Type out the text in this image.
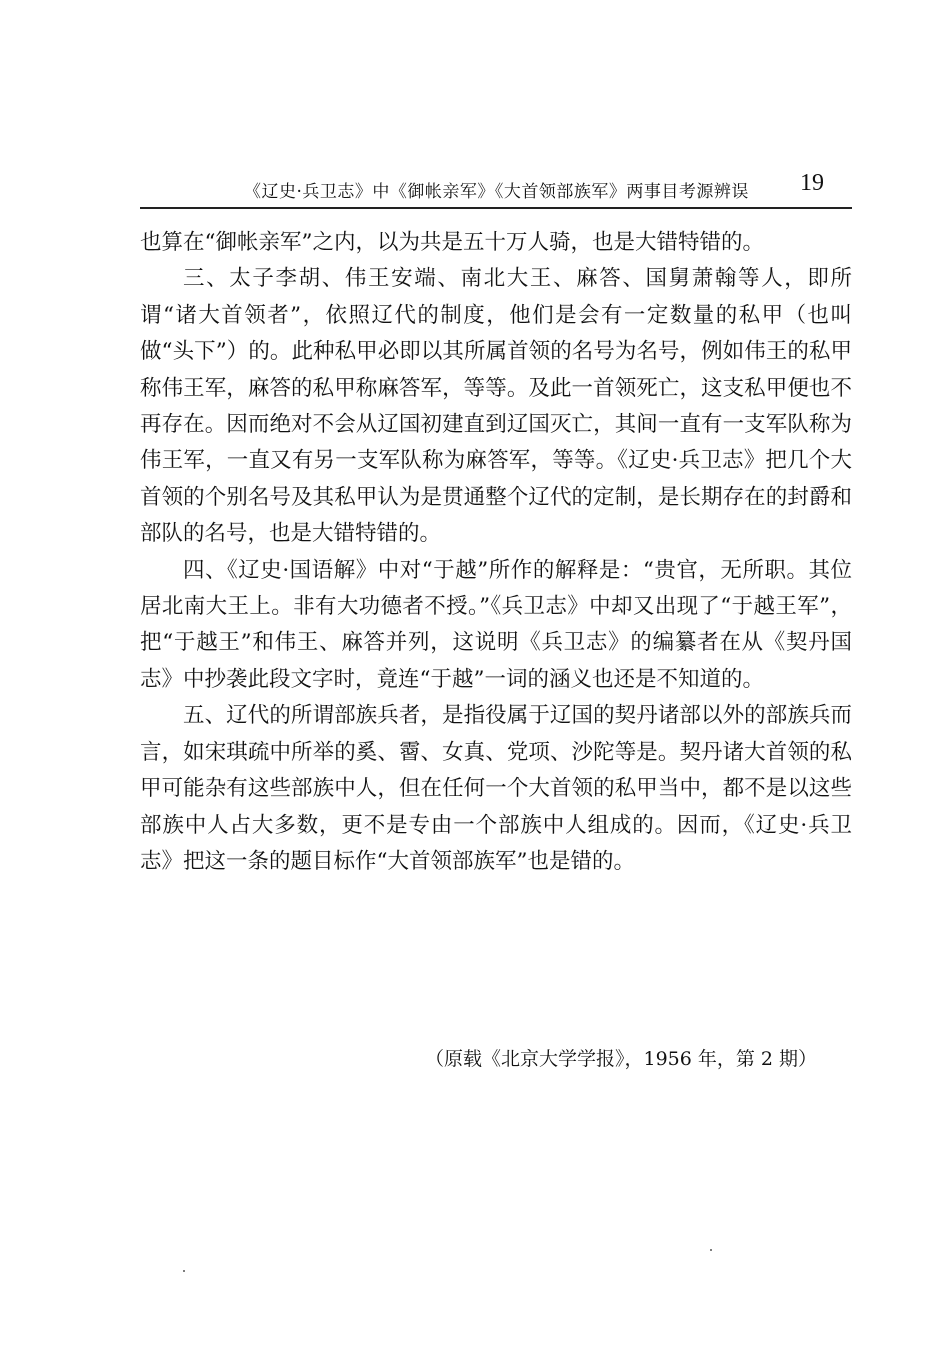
《辽史·兵卫志》中《御帐亲军》《大首领部族军》两事目考源辨误 19

也算在“御帐亲军”之内，以为共是五十万人骑，也是大错特错的。

三、太子李胡、伟王安端、南北大王、麻答、国舅萧翰等人，即所谓“诸大首领者”，依照辽代的制度，他们是会有一定数量的私甲（也叫做“头下”）的。此种私甲必即以其所属首领的名号为名号，例如伟王的私甲称伟王军，麻答的私甲称麻答军，等等。及此一首领死亡，这支私甲便也不再存在。因而绝对不会从辽国初建直到辽国灭亡，其间一直有一支军队称为伟王军，一直又有另一支军队称为麻答军，等等。《辽史·兵卫志》把几个大首领的个别名号及其私甲认为是贯通整个辽代的定制，是长期存在的封爵和部队的名号，也是大错特错的。

四、《辽史·国语解》中对“于越”所作的解释是：“贵官，无所职。其位居北南大王上。非有大功德者不授。”《兵卫志》中却又出现了“于越王军”，把“于越王”和伟王、麻答并列，这说明《兵卫志》的编纂者在从《契丹国志》中抄袭此段文字时，竟连“于越”一词的涵义也还是不知道的。

五、辽代的所谓部族兵者，是指役属于辽国的契丹诸部以外的部族兵而言，如宋琪疏中所举的奚、霫、女真、党项、沙陀等是。契丹诸大首领的私甲可能杂有这些部族中人，但在任何一个大首领的私甲当中，都不是以这些部族中人占大多数，更不是专由一个部族中人组成的。因而，《辽史·兵卫志》把这一条的题目标作“大首领部族军”也是错的。

（原载《北京大学学报》，1956 年，第 2 期）
